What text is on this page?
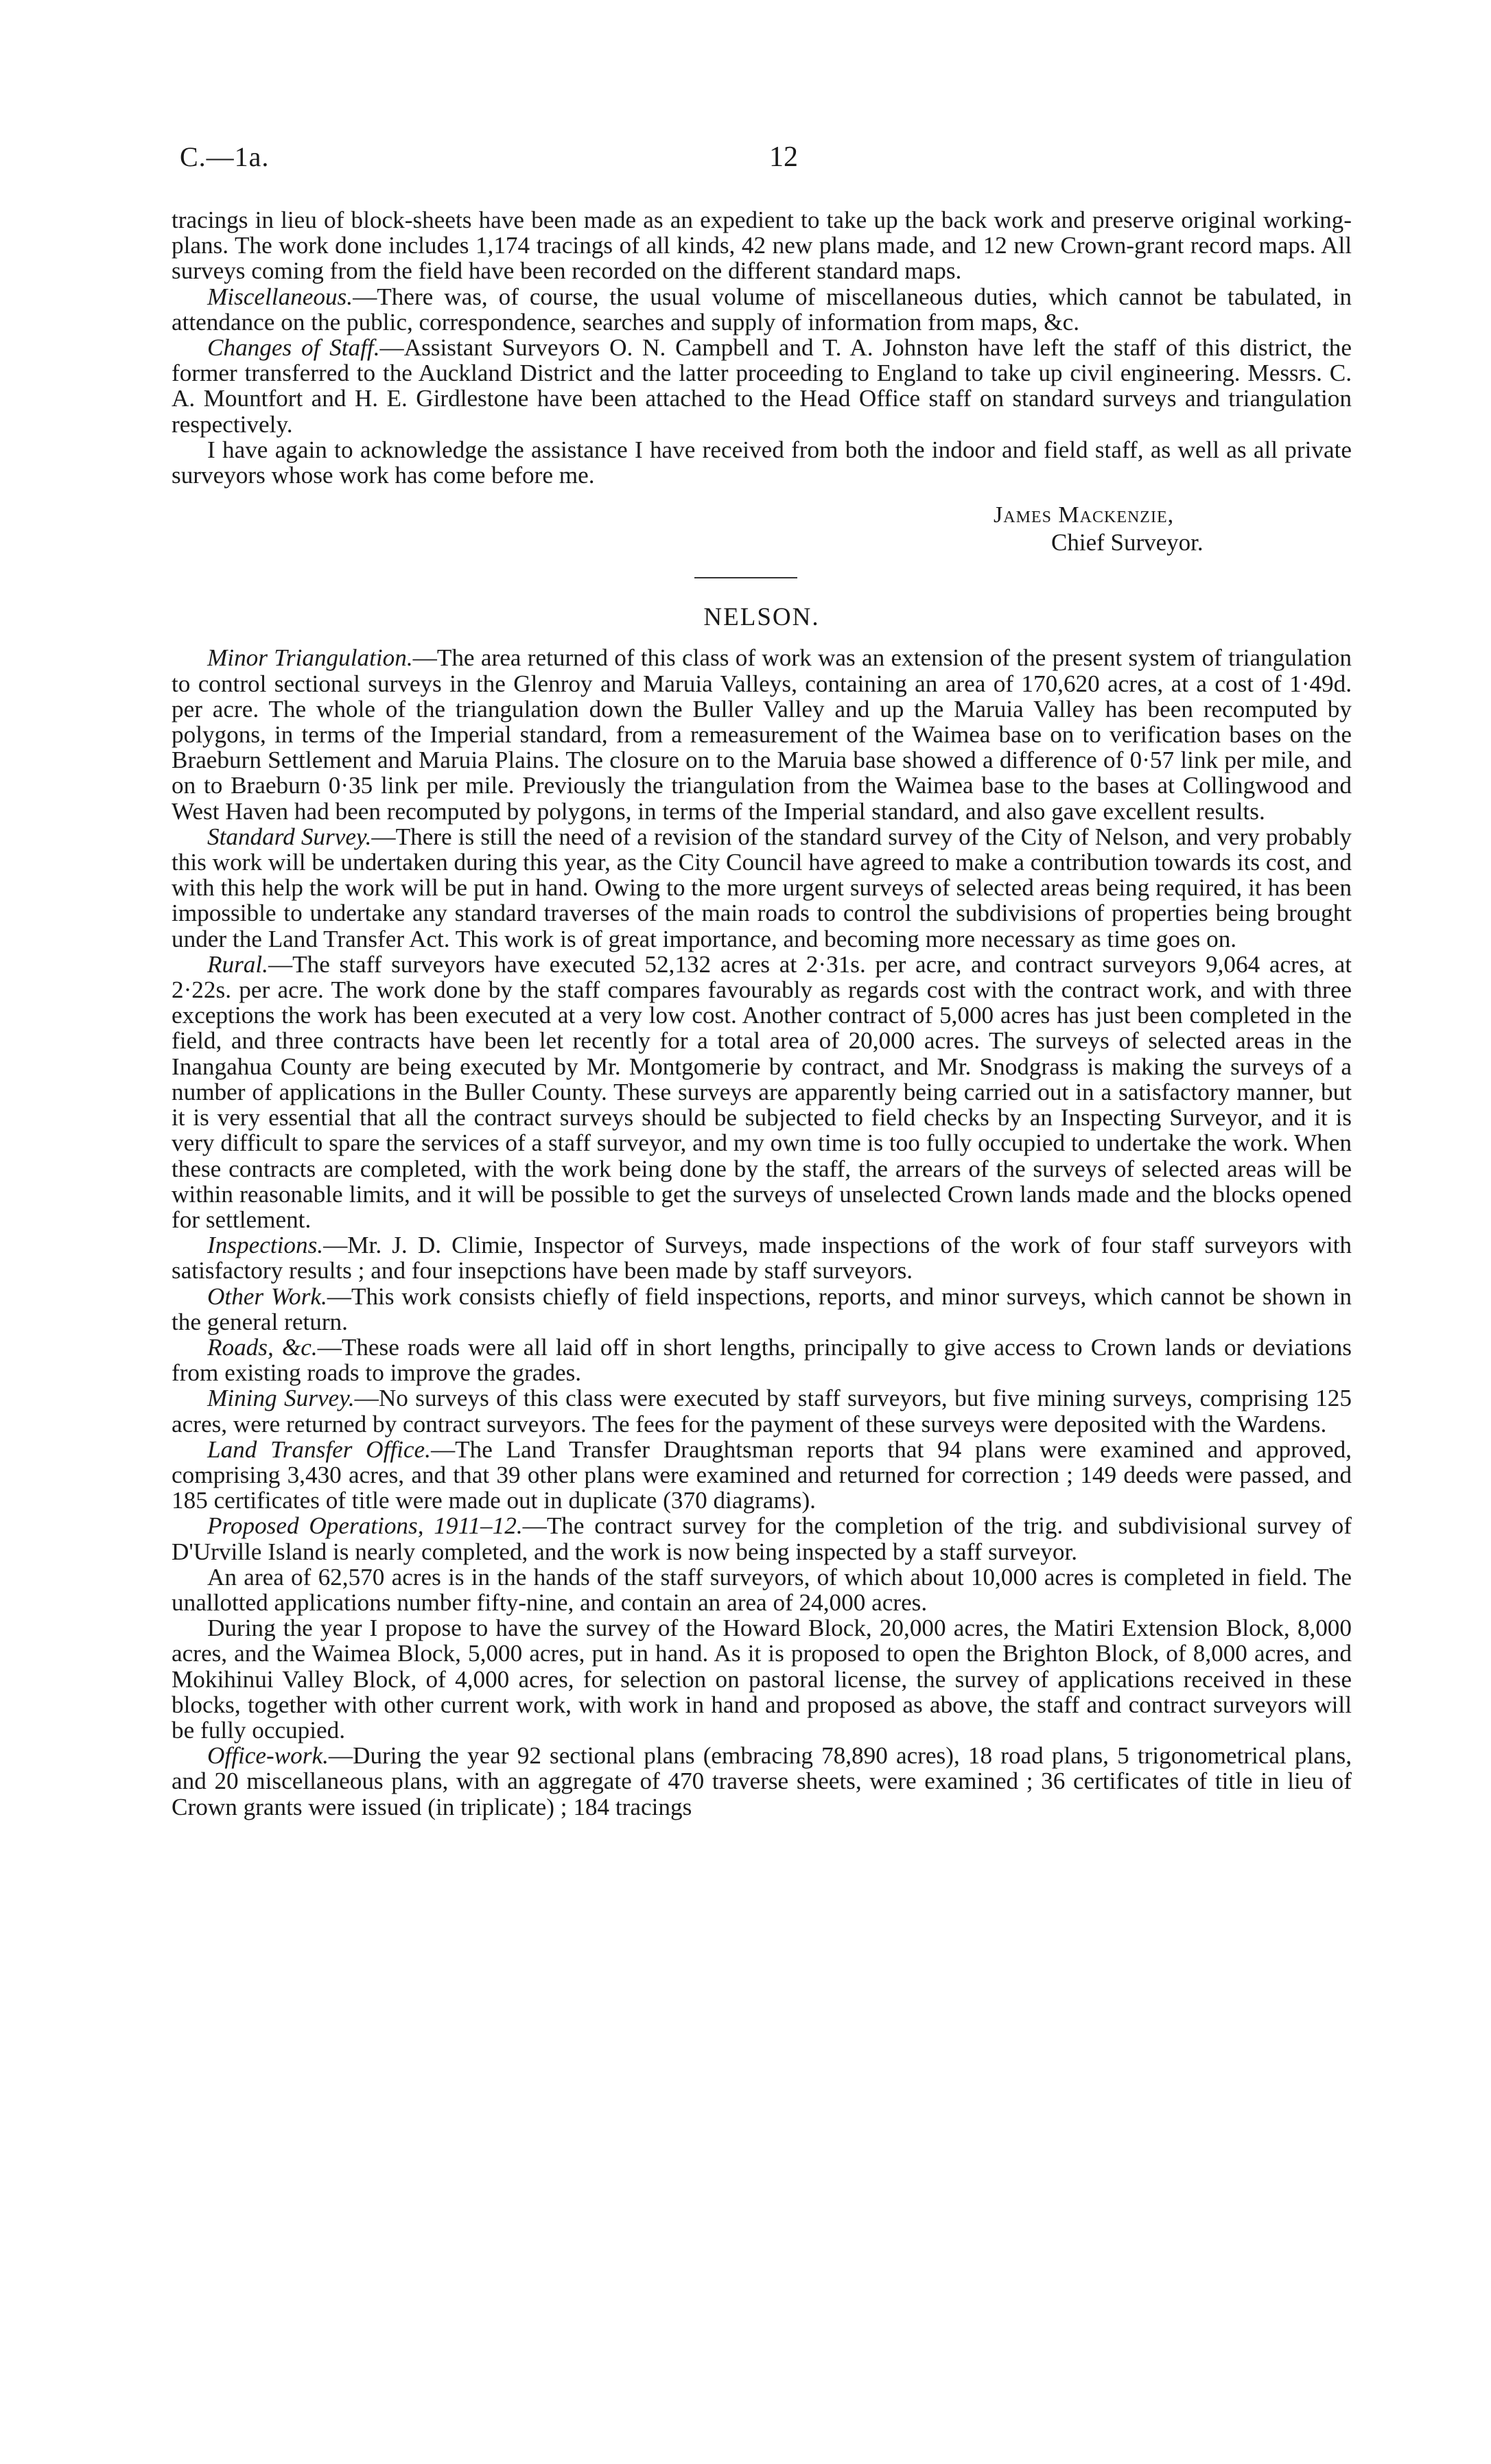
C.—1a.	12

tracings in lieu of block-sheets have been made as an expedient to take up the back work and preserve original working-plans. The work done includes 1,174 tracings of all kinds, 42 new plans made, and 12 new Crown-grant record maps. All surveys coming from the field have been recorded on the different standard maps.

Miscellaneous.—There was, of course, the usual volume of miscellaneous duties, which cannot be tabulated, in attendance on the public, correspondence, searches and supply of information from maps, &c.

Changes of Staff.—Assistant Surveyors O. N. Campbell and T. A. Johnston have left the staff of this district, the former transferred to the Auckland District and the latter proceeding to England to take up civil engineering. Messrs. C. A. Mountfort and H. E. Girdlestone have been attached to the Head Office staff on standard surveys and triangulation respectively.

I have again to acknowledge the assistance I have received from both the indoor and field staff, as well as all private surveyors whose work has come before me.

James Mackenzie,
Chief Surveyor.
NELSON.

Minor Triangulation.—The area returned of this class of work was an extension of the present system of triangulation to control sectional surveys in the Glenroy and Maruia Valleys, containing an area of 170,620 acres, at a cost of 1·49d. per acre. The whole of the triangulation down the Buller Valley and up the Maruia Valley has been recomputed by polygons, in terms of the Imperial standard, from a remeasurement of the Waimea base on to verification bases on the Braeburn Settlement and Maruia Plains. The closure on to the Maruia base showed a difference of 0·57 link per mile, and on to Braeburn 0·35 link per mile. Previously the triangulation from the Waimea base to the bases at Collingwood and West Haven had been recomputed by polygons, in terms of the Imperial standard, and also gave excellent results.

Standard Survey.—There is still the need of a revision of the standard survey of the City of Nelson, and very probably this work will be undertaken during this year, as the City Council have agreed to make a contribution towards its cost, and with this help the work will be put in hand. Owing to the more urgent surveys of selected areas being required, it has been impossible to undertake any standard traverses of the main roads to control the subdivisions of properties being brought under the Land Transfer Act. This work is of great importance, and becoming more necessary as time goes on.

Rural.—The staff surveyors have executed 52,132 acres at 2·31s. per acre, and contract surveyors 9,064 acres, at 2·22s. per acre. The work done by the staff compares favourably as regards cost with the contract work, and with three exceptions the work has been executed at a very low cost. Another contract of 5,000 acres has just been completed in the field, and three contracts have been let recently for a total area of 20,000 acres. The surveys of selected areas in the Inangahua County are being executed by Mr. Montgomerie by contract, and Mr. Snodgrass is making the surveys of a number of applications in the Buller County. These surveys are apparently being carried out in a satisfactory manner, but it is very essential that all the contract surveys should be subjected to field checks by an Inspecting Surveyor, and it is very difficult to spare the services of a staff surveyor, and my own time is too fully occupied to undertake the work. When these contracts are completed, with the work being done by the staff, the arrears of the surveys of selected areas will be within reasonable limits, and it will be possible to get the surveys of unselected Crown lands made and the blocks opened for settlement.

Inspections.—Mr. J. D. Climie, Inspector of Surveys, made inspections of the work of four staff surveyors with satisfactory results ; and four insepctions have been made by staff surveyors.

Other Work.—This work consists chiefly of field inspections, reports, and minor surveys, which cannot be shown in the general return.

Roads, &c.—These roads were all laid off in short lengths, principally to give access to Crown lands or deviations from existing roads to improve the grades.

Mining Survey.—No surveys of this class were executed by staff surveyors, but five mining surveys, comprising 125 acres, were returned by contract surveyors. The fees for the payment of these surveys were deposited with the Wardens.

Land Transfer Office.—The Land Transfer Draughtsman reports that 94 plans were examined and approved, comprising 3,430 acres, and that 39 other plans were examined and returned for correction ; 149 deeds were passed, and 185 certificates of title were made out in duplicate (370 diagrams).

Proposed Operations, 1911–12.—The contract survey for the completion of the trig. and subdivisional survey of D'Urville Island is nearly completed, and the work is now being inspected by a staff surveyor.

An area of 62,570 acres is in the hands of the staff surveyors, of which about 10,000 acres is completed in field. The unallotted applications number fifty-nine, and contain an area of 24,000 acres.

During the year I propose to have the survey of the Howard Block, 20,000 acres, the Matiri Extension Block, 8,000 acres, and the Waimea Block, 5,000 acres, put in hand. As it is proposed to open the Brighton Block, of 8,000 acres, and Mokihinui Valley Block, of 4,000 acres, for selection on pastoral license, the survey of applications received in these blocks, together with other current work, with work in hand and proposed as above, the staff and contract surveyors will be fully occupied.

Office-work.—During the year 92 sectional plans (embracing 78,890 acres), 18 road plans, 5 trigonometrical plans, and 20 miscellaneous plans, with an aggregate of 470 traverse sheets, were examined ; 36 certificates of title in lieu of Crown grants were issued (in triplicate) ; 184 tracings
